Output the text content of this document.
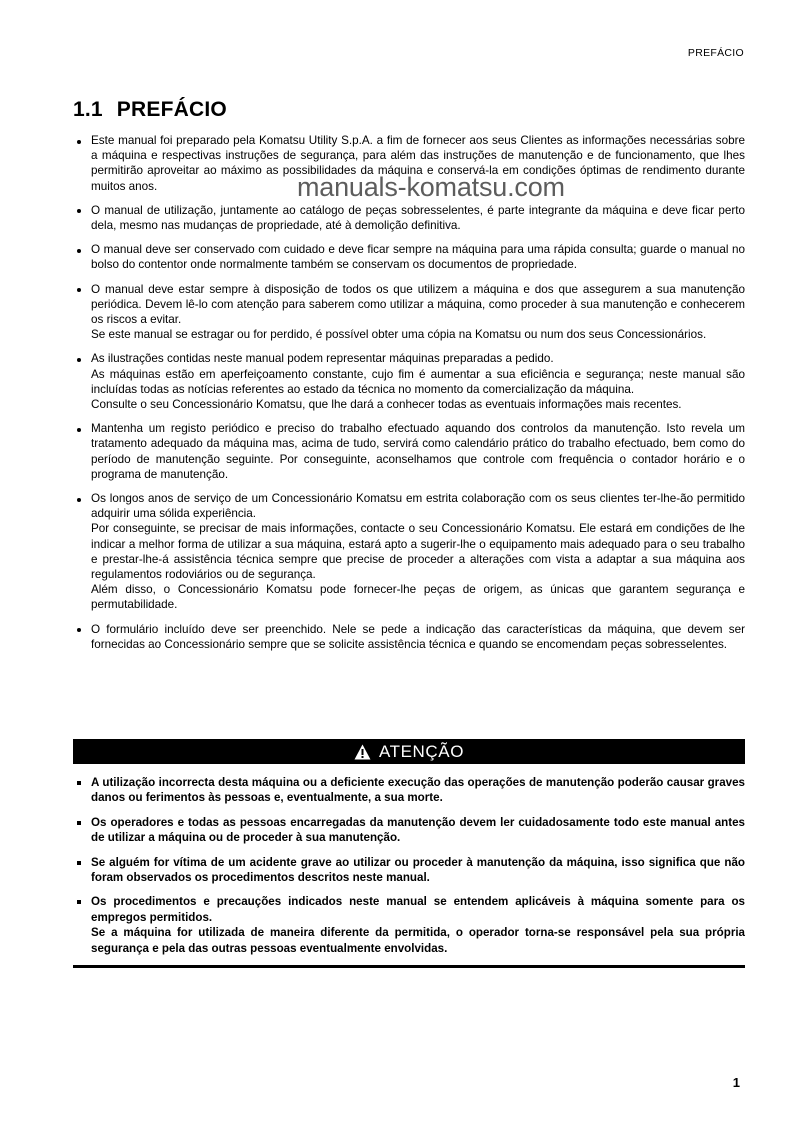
PREFÁCIO
1.1 PREFÁCIO

Este manual foi preparado pela Komatsu Utility S.p.A. a fim de fornecer aos seus Clientes as informações necessárias sobre a máquina e respectivas instruções de segurança, para além das instruções de manutenção e de funcionamento, que lhes permitirão aproveitar ao máximo as possibilidades da máquina e conservá-la em condições óptimas de rendimento durante muitos anos.

O manual de utilização, juntamente ao catálogo de peças sobresselentes, é parte integrante da máquina e deve ficar perto dela, mesmo nas mudanças de propriedade, até à demolição definitiva.

O manual deve ser conservado com cuidado e deve ficar sempre na máquina para uma rápida consulta; guarde o manual no bolso do contentor onde normalmente também se conservam os documentos de propriedade.

O manual deve estar sempre à disposição de todos os que utilizem a máquina e dos que assegurem a sua manutenção periódica. Devem lê-lo com atenção para saberem como utilizar a máquina, como proceder à sua manutenção e conhecerem os riscos a evitar.

Se este manual se estragar ou for perdido, é possível obter uma cópia na Komatsu ou num dos seus Concessionários.

As ilustrações contidas neste manual podem representar máquinas preparadas a pedido.

As máquinas estão em aperfeiçoamento constante, cujo fim é aumentar a sua eficiência e segurança; neste manual são incluídas todas as notícias referentes ao estado da técnica no momento da comercialização da máquina.

Consulte o seu Concessionário Komatsu, que lhe dará a conhecer todas as eventuais informações mais recentes.

Mantenha um registo periódico e preciso do trabalho efectuado aquando dos controlos da manutenção. Isto revela um tratamento adequado da máquina mas, acima de tudo, servirá como calendário prático do trabalho efectuado, bem como do período de manutenção seguinte. Por conseguinte, aconselhamos que controle com frequência o contador horário e o programa de manutenção.

Os longos anos de serviço de um Concessionário Komatsu em estrita colaboração com os seus clientes ter-lhe-ão permitido adquirir uma sólida experiência.

Por conseguinte, se precisar de mais informações, contacte o seu Concessionário Komatsu. Ele estará em condições de lhe indicar a melhor forma de utilizar a sua máquina, estará apto a sugerir-lhe o equipamento mais adequado para o seu trabalho e prestar-lhe-á assistência técnica sempre que precise de proceder a alterações com vista a adaptar a sua máquina aos regulamentos rodoviários ou de segurança.

Além disso, o Concessionário Komatsu pode fornecer-lhe peças de origem, as únicas que garantem segurança e permutabilidade.

O formulário incluído deve ser preenchido. Nele se pede a indicação das características da máquina, que devem ser fornecidas ao Concessionário sempre que se solicite assistência técnica e quando se encomendam peças sobresselentes.

manuals-komatsu.com
ATENÇÃO

A utilização incorrecta desta máquina ou a deficiente execução das operações de manutenção poderão causar graves danos ou ferimentos às pessoas e, eventualmente, a sua morte.

Os operadores e todas as pessoas encarregadas da manutenção devem ler cuidadosamente todo este manual antes de utilizar a máquina ou de proceder à sua manutenção.

Se alguém for vítima de um acidente grave ao utilizar ou proceder à manutenção da máquina, isso significa que não foram observados os procedimentos descritos neste manual.

Os procedimentos e precauções indicados neste manual se entendem aplicáveis à máquina somente para os empregos permitidos.

Se a máquina for utilizada de maneira diferente da permitida, o operador torna-se responsável pela sua própria segurança e pela das outras pessoas eventualmente envolvidas.

1
